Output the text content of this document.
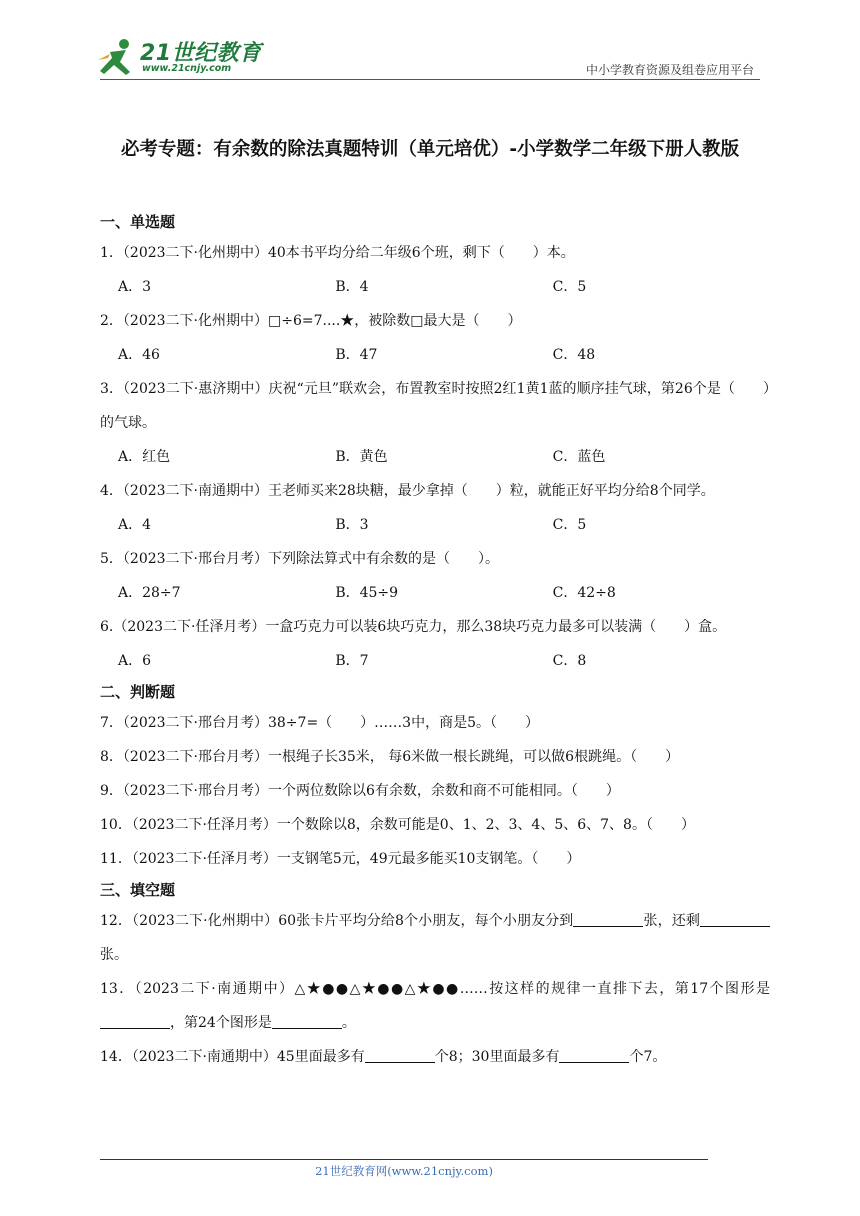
21世纪教育
www.21cnjy.com	中小学教育资源及组卷应用平台
必考专题：有余数的除法真题特训（单元培优）-小学数学二年级下册人教版
一、单选题
1．（2023二下·化州期中）40本书平均分给二年级6个班，剩下（　　）本。
A．3	B．4	C．5
2．（2023二下·化州期中）□÷6=7....★，被除数□最大是（　　）
A．46	B．47	C．48
3．（2023二下·惠济期中）庆祝“元旦”联欢会，布置教室时按照2红1黄1蓝的顺序挂气球，第26个是（　　）的气球。
A．红色	B．黄色	C．蓝色
4．（2023二下·南通期中）王老师买来28块糖，最少拿掉（　　）粒，就能正好平均分给8个同学。
A．4	B．3	C．5
5．（2023二下·邢台月考）下列除法算式中有余数的是（　　）。
A．28÷7	B．45÷9	C．42÷8
6.（2023二下·任泽月考）一盒巧克力可以装6块巧克力，那么38块巧克力最多可以装满（　　）盒。
A．6	B．7	C．8
二、判断题
7．（2023二下·邢台月考）38÷7=（　　）……3中，商是5。（　　）
8．（2023二下·邢台月考）一根绳子长35米， 每6米做一根长跳绳，可以做6根跳绳。（　　）
9．（2023二下·邢台月考）一个两位数除以6有余数，余数和商不可能相同。（　　）
10．（2023二下·任泽月考）一个数除以8，余数可能是0、1、2、3、4、5、6、7、8。（　　）
11．（2023二下·任泽月考）一支钢笔5元，49元最多能买10支钢笔。（　　）
三、填空题
12．（2023二下·化州期中）60张卡片平均分给8个小朋友，每个小朋友分到	张，还剩张。
13．（2023二下·南通期中）△★●●△★●●△★●●……按这样的规律一直排下去，第17个图形是，第24个图形是	。
14．（2023二下·南通期中）45里面最多有	个8；30里面最多有	个7。
21世纪教育网(www.21cnjy.com)
